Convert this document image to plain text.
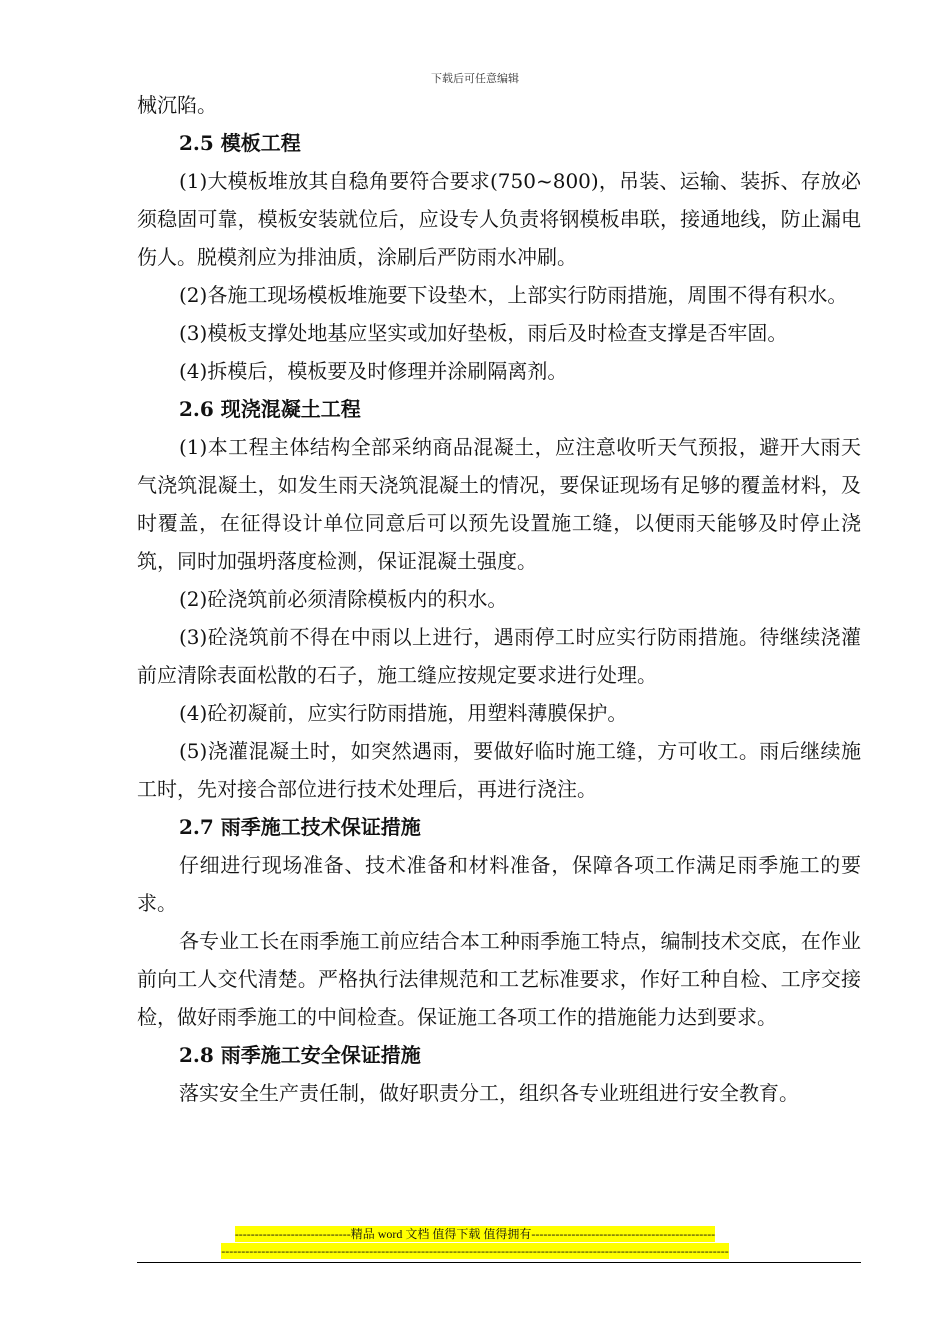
下载后可任意编辑

械沉陷。

2.5 模板工程

(1)大模板堆放其自稳角要符合要求(750~800)，吊装、运输、装拆、存放必须稳固可靠，模板安装就位后，应设专人负责将钢模板串联，接通地线，防止漏电伤人。脱模剂应为排油质，涂刷后严防雨水冲刷。

(2)各施工现场模板堆施要下设垫木，上部实行防雨措施，周围不得有积水。

(3)模板支撑处地基应坚实或加好垫板，雨后及时检查支撑是否牢固。

(4)拆模后，模板要及时修理并涂刷隔离剂。

2.6 现浇混凝土工程

(1)本工程主体结构全部采纳商品混凝土，应注意收听天气预报，避开大雨天气浇筑混凝土，如发生雨天浇筑混凝土的情况，要保证现场有足够的覆盖材料，及时覆盖，在征得设计单位同意后可以预先设置施工缝，以便雨天能够及时停止浇筑，同时加强坍落度检测，保证混凝土强度。

(2)砼浇筑前必须清除模板内的积水。

(3)砼浇筑前不得在中雨以上进行，遇雨停工时应实行防雨措施。待继续浇灌前应清除表面松散的石子，施工缝应按规定要求进行处理。

(4)砼初凝前，应实行防雨措施，用塑料薄膜保护。

(5)浇灌混凝土时，如突然遇雨，要做好临时施工缝，方可收工。雨后继续施工时，先对接合部位进行技术处理后，再进行浇注。

2.7 雨季施工技术保证措施

仔细进行现场准备、技术准备和材料准备，保障各项工作满足雨季施工的要求。

各专业工长在雨季施工前应结合本工种雨季施工特点，编制技术交底，在作业前向工人交代清楚。严格执行法律规范和工艺标准要求，作好工种自检、工序交接检，做好雨季施工的中间检查。保证施工各项工作的措施能力达到要求。

2.8 雨季施工安全保证措施

落实安全生产责任制，做好职责分工，组织各专业班组进行安全教育。

-----------------------------精品 word 文档 值得下载 值得拥有----------------------------------------------
-------------------------------------------------------------------------------------------------------------------------------
